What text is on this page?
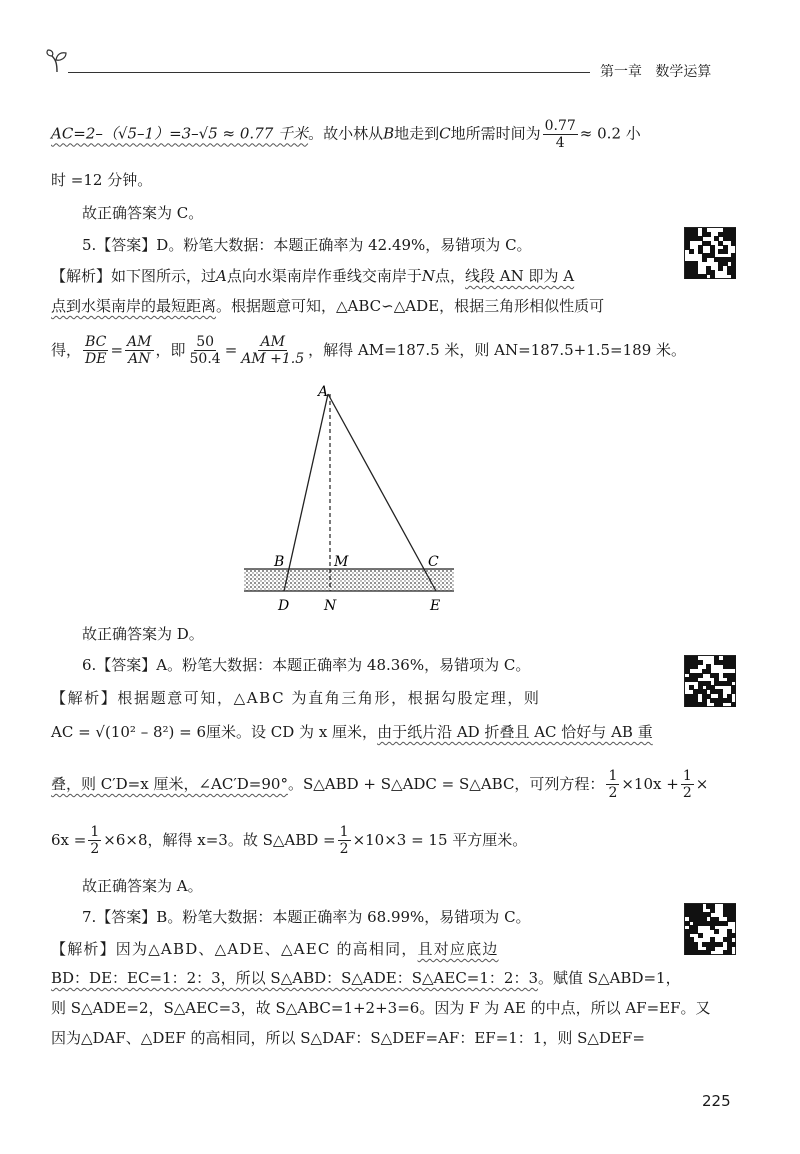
第一章 数学运算
AC=2–（√5–1）=3–√5 ≈ 0.77 千米。故小林从B地走到C地所需时间为 $\frac{0.77}{4} \approx 0.2$ 小
时 =12 分钟。
故正确答案为 C。
5.【答案】D。粉笔大数据：本题正确率为 42.49%，易错项为 C。
【解析】如下图所示，过A点向水渠南岸作垂线交南岸于N点，线段 AN 即为 A
点到水渠南岸的最短距离。根据题意可知，△ABC∽△ADE，根据三角形相似性质可
得， $\frac{BC}{DE} = \frac{AM}{AN}$ ，即 $\frac{50}{50.4} = \frac{AM}{AM +1.5}$ ，解得 AM=187.5 米，则 AN=187.5+1.5=189 米。
A
B	M	C
D N	E
故正确答案为 D。
6.【答案】A。粉笔大数据：本题正确率为 48.36%，易错项为 C。
【解析】根据题意可知，△ABC 为直角三角形，根据勾股定理，则
AC = √(10² – 8²) = 6厘米。设 CD 为 x 厘米，由于纸片沿 AD 折叠且 AC 恰好与 AB 重
叠，则 C′D=x 厘米，∠AC′D=90° 。S△ABD + S△ADC = S△ABC，可列方程： $\frac{1}{2} \times 10x + \frac{1}{2}$ ×
$6x = \frac{1}{2} \times 6\times 8$，解得 x=3。故 S△ABD = $\frac{1}{2} \times 10\times 3 = 15$ 平方厘米。
故正确答案为 A。
7.【答案】B。粉笔大数据：本题正确率为 68.99%，易错项为 C。
【解析】因为△ABD、△ADE、△AEC 的高相同，且对应底边
BD：DE：EC=1：2：3，所以 S△ABD：S△ADE：S△AEC=1：2：3。赋值 S△ABD=1，
则 S△ADE=2，S△AEC=3，故 S△ABC=1+2+3=6。因为 F 为 AE 的中点，所以 AF=EF。又
因为△DAF、△DEF 的高相同，所以 S△DAF：S△DEF=AF：EF=1：1，则 S△DEF=
225
